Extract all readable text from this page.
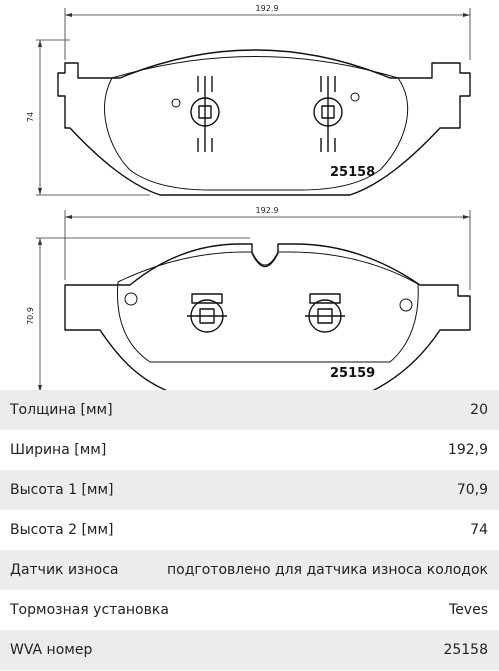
192.9
74
25158
192.9
70.9
25159
Толщина [мм]	20
Ширина [мм]	192,9
Высота 1 [мм]	70,9
Высота 2 [мм]	74
Датчик износа	подготовлено для датчика износа колодок
Тормозная установка	Teves
WVA номер	25158
